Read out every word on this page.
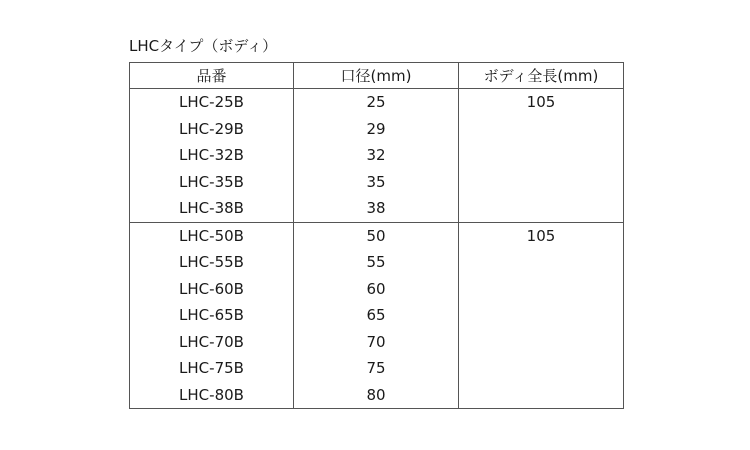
LHCタイプ（ボディ）
品番	口径(mm)	ボディ全長(mm)
LHC-25B	25	105
LHC-29B	29	
LHC-32B	32	
LHC-35B	35	
LHC-38B	38	
LHC-50B	50	105
LHC-55B	55	
LHC-60B	60	
LHC-65B	65	
LHC-70B	70	
LHC-75B	75	
LHC-80B	80	
